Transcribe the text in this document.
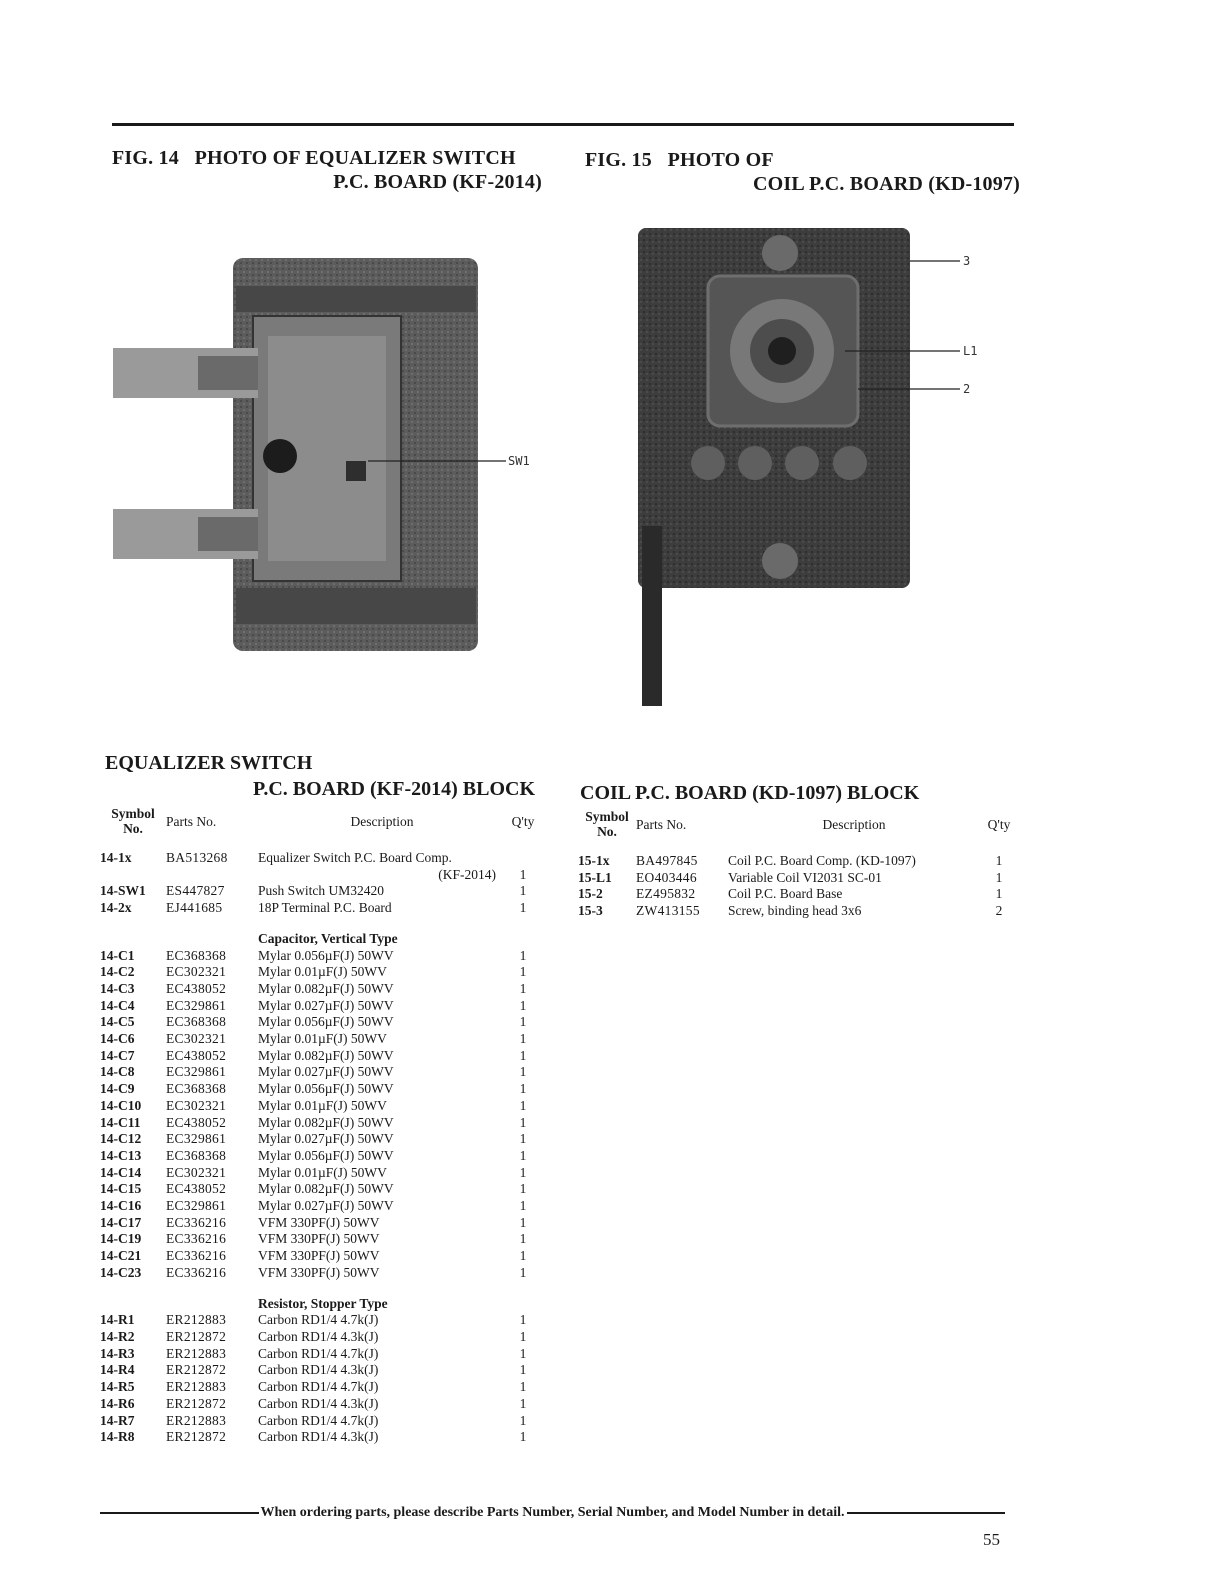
FIG. 14 PHOTO OF EQUALIZER SWITCH
P.C. BOARD (KF-2014)
FIG. 15 PHOTO OF
COIL P.C. BOARD (KD-1097)
SW1
3
L1
2
EQUALIZER SWITCH
P.C. BOARD (KF-2014) BLOCK
Symbol No.	Parts No.	Description	Q'ty
14-1x	BA513268	Equalizer Switch P.C. Board Comp.	
		(KF-2014)	1
14-SW1	ES447827	Push Switch UM32420	1
14-2x	EJ441685	18P Terminal P.C. Board	1
		Capacitor, Vertical Type	
14-C1	EC368368	Mylar 0.056µF(J) 50WV	1
14-C2	EC302321	Mylar 0.01µF(J) 50WV	1
14-C3	EC438052	Mylar 0.082µF(J) 50WV	1
14-C4	EC329861	Mylar 0.027µF(J) 50WV	1
14-C5	EC368368	Mylar 0.056µF(J) 50WV	1
14-C6	EC302321	Mylar 0.01µF(J) 50WV	1
14-C7	EC438052	Mylar 0.082µF(J) 50WV	1
14-C8	EC329861	Mylar 0.027µF(J) 50WV	1
14-C9	EC368368	Mylar 0.056µF(J) 50WV	1
14-C10	EC302321	Mylar 0.01µF(J) 50WV	1
14-C11	EC438052	Mylar 0.082µF(J) 50WV	1
14-C12	EC329861	Mylar 0.027µF(J) 50WV	1
14-C13	EC368368	Mylar 0.056µF(J) 50WV	1
14-C14	EC302321	Mylar 0.01µF(J) 50WV	1
14-C15	EC438052	Mylar 0.082µF(J) 50WV	1
14-C16	EC329861	Mylar 0.027µF(J) 50WV	1
14-C17	EC336216	VFM 330PF(J) 50WV	1
14-C19	EC336216	VFM 330PF(J) 50WV	1
14-C21	EC336216	VFM 330PF(J) 50WV	1
14-C23	EC336216	VFM 330PF(J) 50WV	1
		Resistor, Stopper Type	
14-R1	ER212883	Carbon RD1/4 4.7k(J)	1
14-R2	ER212872	Carbon RD1/4 4.3k(J)	1
14-R3	ER212883	Carbon RD1/4 4.7k(J)	1
14-R4	ER212872	Carbon RD1/4 4.3k(J)	1
14-R5	ER212883	Carbon RD1/4 4.7k(J)	1
14-R6	ER212872	Carbon RD1/4 4.3k(J)	1
14-R7	ER212883	Carbon RD1/4 4.7k(J)	1
14-R8	ER212872	Carbon RD1/4 4.3k(J)	1
COIL P.C. BOARD (KD-1097) BLOCK
Symbol No.	Parts No.	Description	Q'ty
15-1x	BA497845	Coil P.C. Board Comp. (KD-1097)	1
15-L1	EO403446	Variable Coil VI2031 SC-01	1
15-2	EZ495832	Coil P.C. Board Base	1
15-3	ZW413155	Screw, binding head 3x6	2
When ordering parts, please describe Parts Number, Serial Number, and Model Number in detail.
55
